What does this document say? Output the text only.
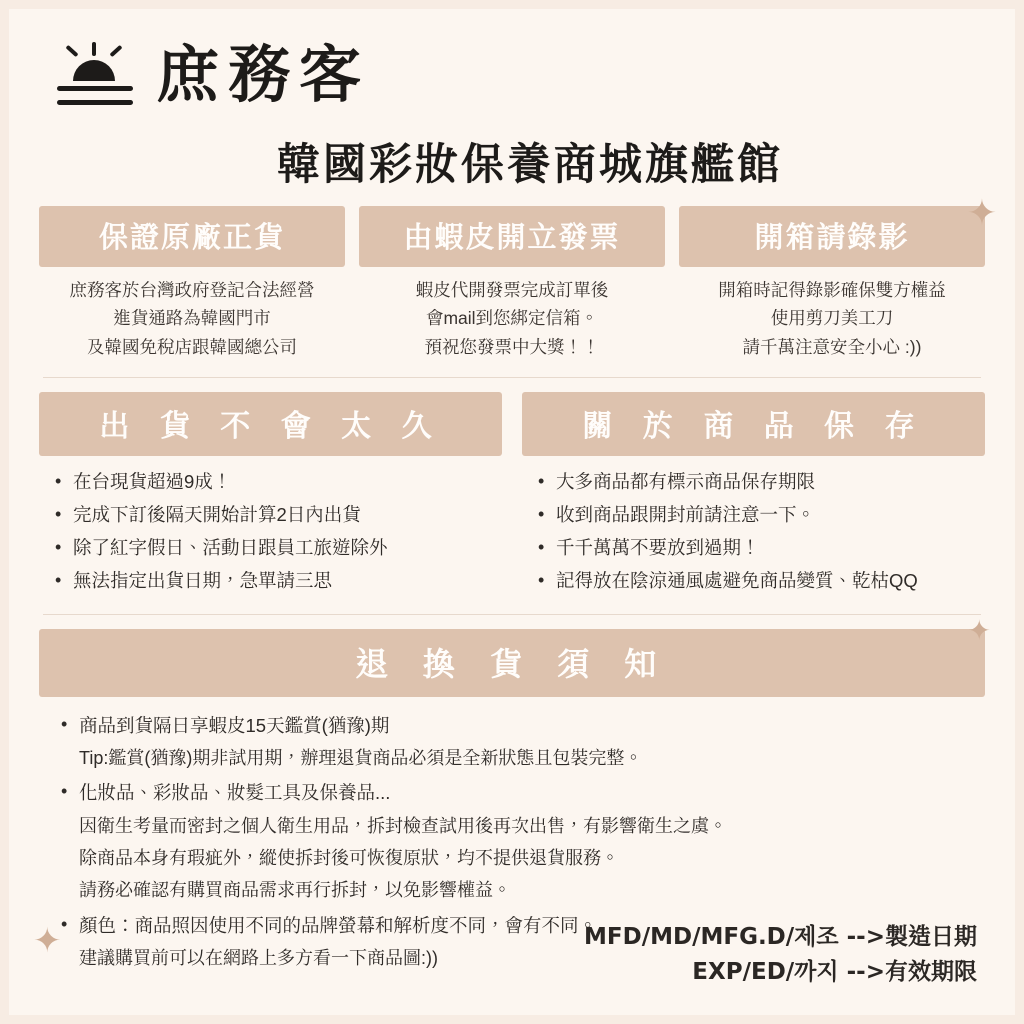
✦
✦
✦
庶務客
韓國彩妝保養商城旗艦館
保證原廠正貨
庶務客於台灣政府登記合法經營
進貨通路為韓國門市
及韓國免稅店跟韓國總公司
由蝦皮開立發票
蝦皮代開發票完成訂單後
會mail到您綁定信箱。
預祝您發票中大獎！！
開箱請錄影
開箱時記得錄影確保雙方權益
使用剪刀美工刀
請千萬注意安全小心 :))
出 貨 不 會 太 久
• 在台現貨超過9成！
• 完成下訂後隔天開始計算2日內出貨
• 除了紅字假日、活動日跟員工旅遊除外
• 無法指定出貨日期，急單請三思
關 於 商 品 保 存
• 大多商品都有標示商品保存期限
• 收到商品跟開封前請注意一下。
• 千千萬萬不要放到過期！
• 記得放在陰涼通風處避免商品變質、乾枯QQ
退 換 貨 須 知
• 商品到貨隔日享蝦皮15天鑑賞(猶豫)期
Tip:鑑賞(猶豫)期非試用期，辦理退貨商品必須是全新狀態且包裝完整。
• 化妝品、彩妝品、妝髮工具及保養品...
因衛生考量而密封之個人衛生用品，拆封檢查試用後再次出售，有影響衛生之虞。
除商品本身有瑕疵外，縱使拆封後可恢復原狀，均不提供退貨服務。
請務必確認有購買商品需求再行拆封，以免影響權益。
• 顏色：商品照因使用不同的品牌螢幕和解析度不同，會有不同。
建議購買前可以在網路上多方看一下商品圖:))
MFD/MD/MFG.D/제조 -->製造日期
EXP/ED/까지 -->有效期限
